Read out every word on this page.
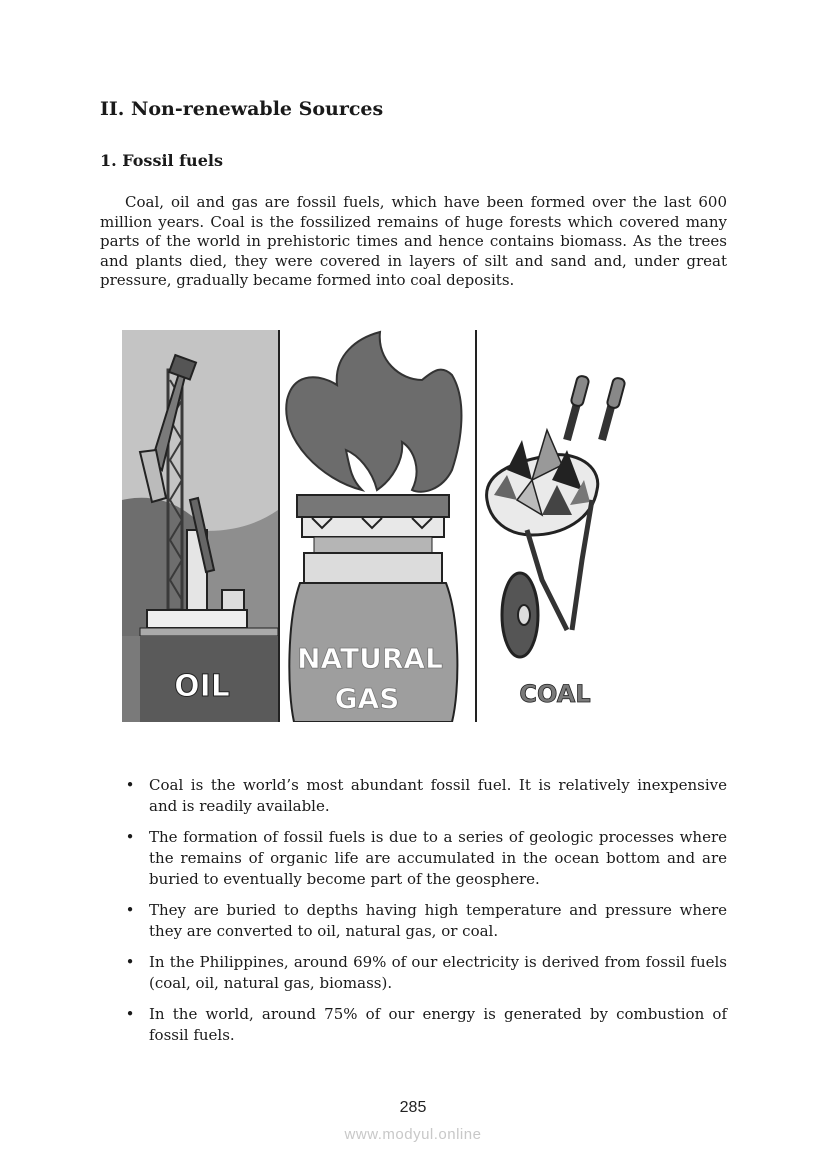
II. Non-renewable Sources
1. Fossil fuels

Coal, oil and gas are fossil fuels, which have been formed over the last 600 million years. Coal is the fossilized remains of huge forests which covered many parts of the world in prehistoric times and hence contains biomass. As the trees and plants died, they were covered in layers of silt and sand and, under great pressure, gradually became formed into coal deposits.

OIL
NATURAL
GAS	COAL
• Coal is the world’s most abundant fossil fuel. It is relatively inexpensive and is readily available.
• The formation of fossil fuels is due to a series of geologic processes where the remains of organic life are accumulated in the ocean bottom and are buried to eventually become part of the geosphere.
• They are buried to depths having high temperature and pressure where they are converted to oil, natural gas, or coal.
• In the Philippines, around 69% of our electricity is derived from fossil fuels (coal, oil, natural gas, biomass).
• In the world, around 75% of our energy is generated by combustion of fossil fuels.
285
www.modyul.online
